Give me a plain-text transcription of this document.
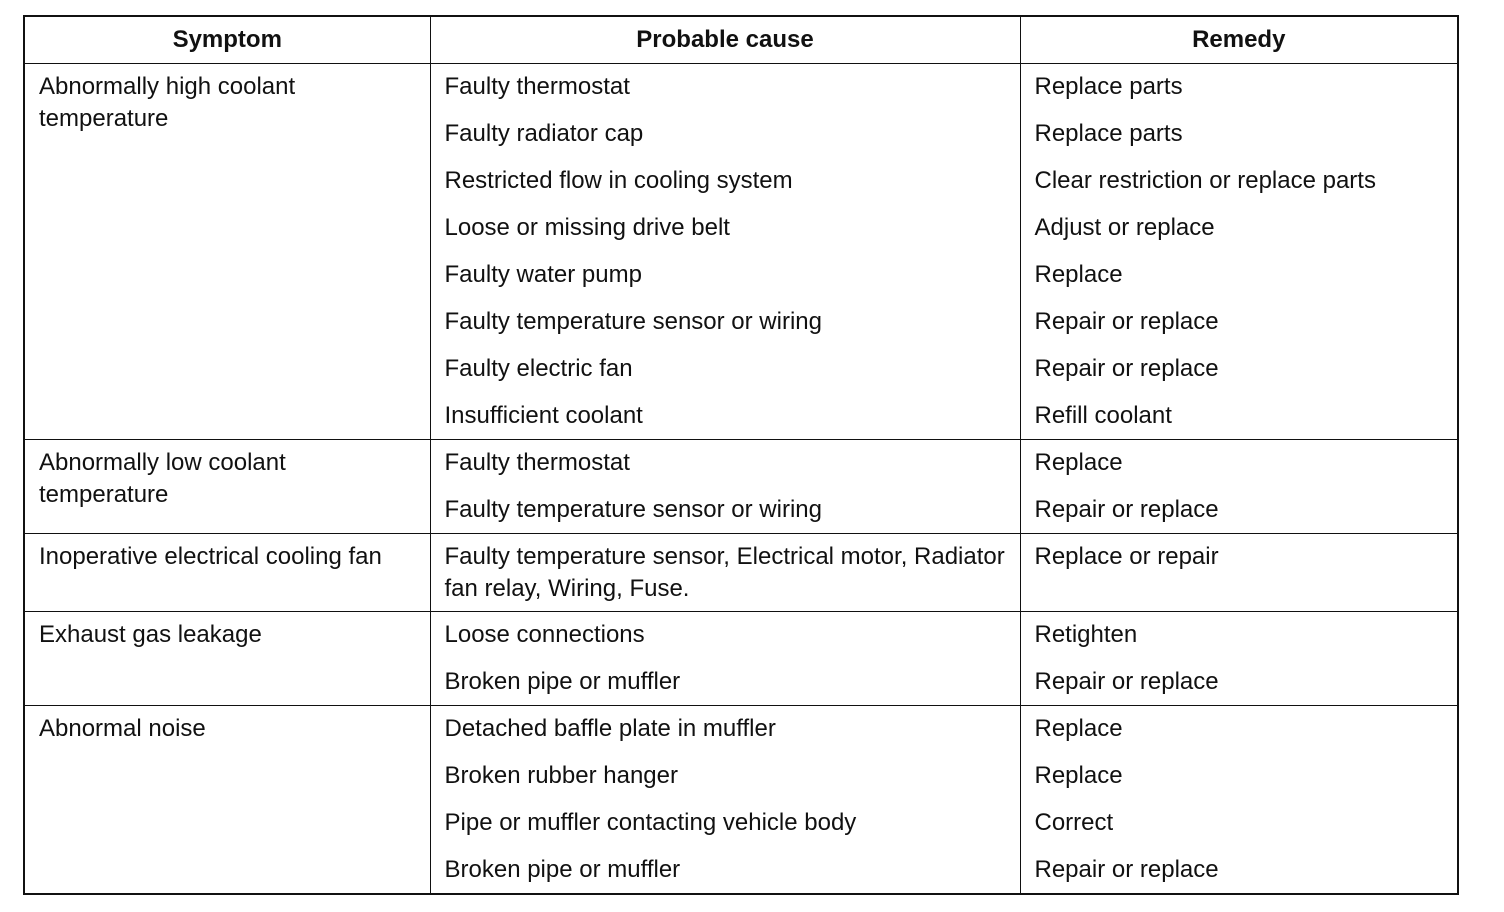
Symptom	Probable cause	Remedy
Abnormally high coolant temperature	Faulty thermostat	Replace parts
	Faulty radiator cap	Replace parts
	Restricted flow in cooling system	Clear restriction or replace parts
	Loose or missing drive belt	Adjust or replace
	Faulty water pump	Replace
	Faulty temperature sensor or wiring	Repair or replace
	Faulty electric fan	Repair or replace
	Insufficient coolant	Refill coolant
Abnormally low coolant temperature	Faulty thermostat	Replace
	Faulty temperature sensor or wiring	Repair or replace
Inoperative electrical cooling fan	Faulty temperature sensor, Electrical motor, Radiator fan relay, Wiring, Fuse.	Replace or repair
Exhaust gas leakage	Loose connections	Retighten
	Broken pipe or muffler	Repair or replace
Abnormal noise	Detached baffle plate in muffler	Replace
	Broken rubber hanger	Replace
	Pipe or muffler contacting vehicle body	Correct
	Broken pipe or muffler	Repair or replace
